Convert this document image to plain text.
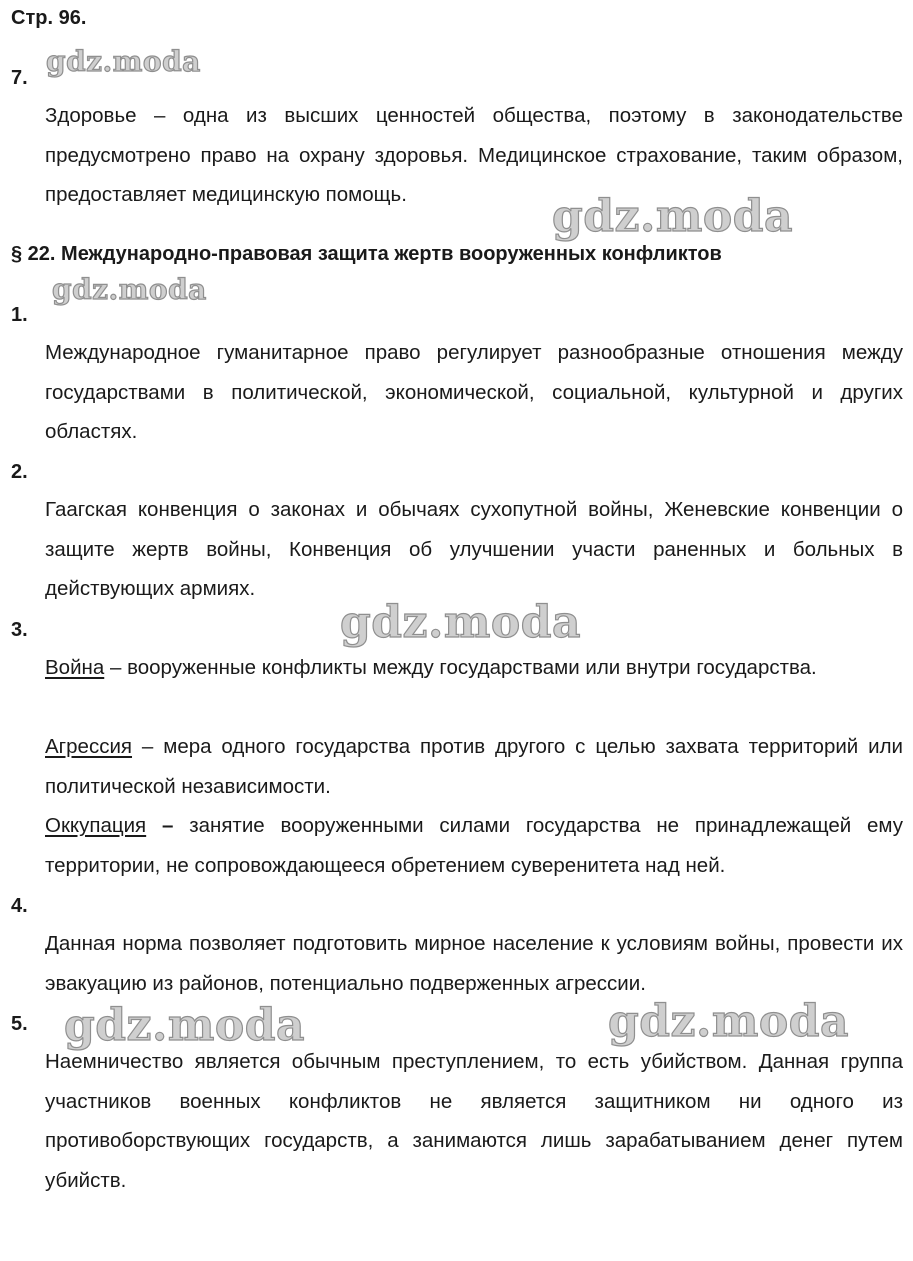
Стр. 96.
7.

Здоровье – одна из высших ценностей общества, поэтому в законодательстве предусмотрено право на охрану здоровья. Медицинское страхование, таким образом, предоставляет медицинскую помощь.

§ 22. Международно-правовая защита жертв вооруженных конфликтов
1.

Международное гуманитарное право регулирует разнообразные отношения между государствами в политической, экономической, социальной, культурной и других областях.

2.

Гаагская конвенция о законах и обычаях сухопутной войны, Женевские конвенции о защите жертв войны, Конвенция об улучшении участи раненных и больных в действующих армиях.

3.

Война – вооруженные конфликты между государствами или внутри государства.

Агрессия – мера одного государства против другого с целью захвата территорий или политической независимости.

Оккупация – занятие вооруженными силами государства не принадлежащей ему территории, не сопровождающееся обретением суверенитета над ней.

4.

Данная норма позволяет подготовить мирное население к условиям войны, провести их эвакуацию из районов, потенциально подверженных агрессии.

5.

Наемничество является обычным преступлением, то есть убийством. Данная группа участников военных конфликтов не является защитником ни одного из противоборствующих государств, а занимаются лишь зарабатыванием денег путем убийств.

gdz.moda
gdz.moda
gdz.moda
gdz.moda
gdz.moda	gdz.moda
